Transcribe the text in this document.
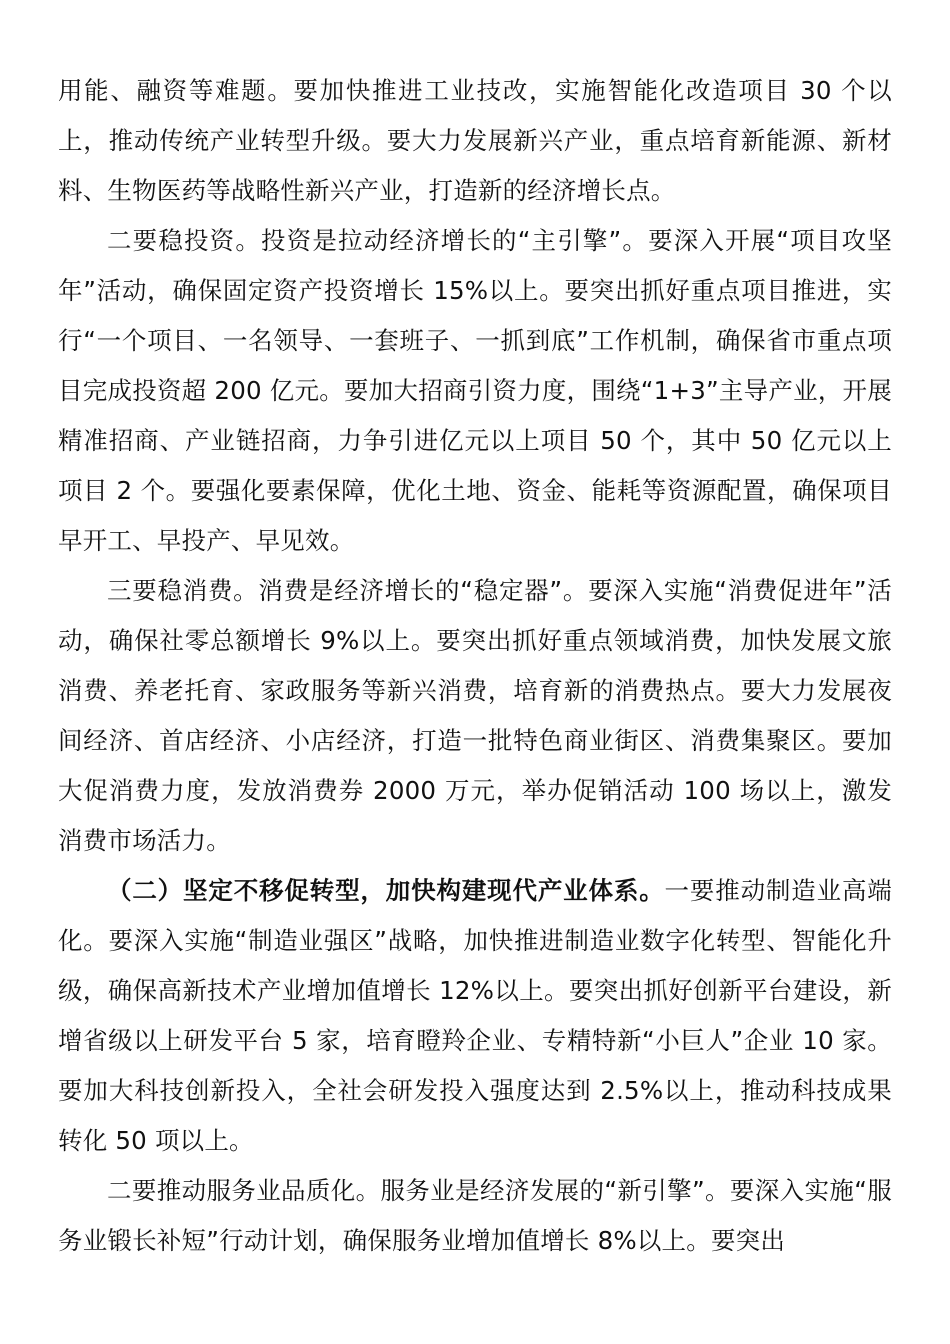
用能、融资等难题。要加快推进工业技改，实施智能化改造项目 30 个以上，推动传统产业转型升级。要大力发展新兴产业，重点培育新能源、新材料、生物医药等战略性新兴产业，打造新的经济增长点。

二要稳投资。投资是拉动经济增长的“主引擎”。要深入开展“项目攻坚年”活动，确保固定资产投资增长 15%以上。要突出抓好重点项目推进，实行“一个项目、一名领导、一套班子、一抓到底”工作机制，确保省市重点项目完成投资超 200 亿元。要加大招商引资力度，围绕“1+3”主导产业，开展精准招商、产业链招商，力争引进亿元以上项目 50 个，其中 50 亿元以上项目 2 个。要强化要素保障，优化土地、资金、能耗等资源配置，确保项目早开工、早投产、早见效。

三要稳消费。消费是经济增长的“稳定器”。要深入实施“消费促进年”活动，确保社零总额增长 9%以上。要突出抓好重点领域消费，加快发展文旅消费、养老托育、家政服务等新兴消费，培育新的消费热点。要大力发展夜间经济、首店经济、小店经济，打造一批特色商业街区、消费集聚区。要加大促消费力度，发放消费券 2000 万元，举办促销活动 100 场以上，激发消费市场活力。

（二）坚定不移促转型，加快构建现代产业体系。一要推动制造业高端化。要深入实施“制造业强区”战略，加快推进制造业数字化转型、智能化升级，确保高新技术产业增加值增长 12%以上。要突出抓好创新平台建设，新增省级以上研发平台 5 家，培育瞪羚企业、专精特新“小巨人”企业 10 家。要加大科技创新投入，全社会研发投入强度达到 2.5%以上，推动科技成果转化 50 项以上。

二要推动服务业品质化。服务业是经济发展的“新引擎”。要深入实施“服务业锻长补短”行动计划，确保服务业增加值增长 8%以上。要突出
